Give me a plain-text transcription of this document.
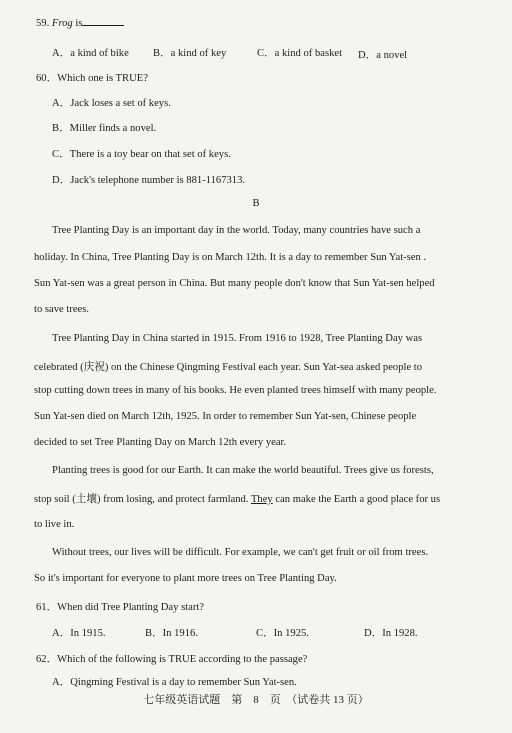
59. Frog is
A．a kind of bike B．a kind of key	C．a kind of basket D．a novel
60．Which one is TRUE?
A．Jack loses a set of keys.
B．Miller finds a novel.
C．There is a toy bear on that set of keys.
D．Jack's telephone number is 881-1167313.
B
Tree Planting Day is an important day in the world. Today, many countries have such a
holiday. In China, Tree Planting Day is on March 12th. It is a day to remember Sun Yat-sen .
Sun Yat-sen was a great person in China. But many people don't know that Sun Yat-sen helped
to save trees.
Tree Planting Day in China started in 1915. From 1916 to 1928, Tree Planting Day was
celebrated (庆祝) on the Chinese Qingming Festival each year. Sun Yat-sea asked people to
stop cutting down trees in many of his books. He even planted trees himself with many people.
Sun Yat-sen died on March 12th, 1925. In order to remember Sun Yat-sen, Chinese people
decided to set Tree Planting Day on March 12th every year.
Planting trees is good for our Earth. It can make the world beautiful. Trees give us forests,
stop soil (土壤) from losing, and protect farmland. They can make the Earth a good place for us
to live in.
Without trees, our lives will be difficult. For example, we can't get fruit or oil from trees.
So it's important for everyone to plant more trees on Tree Planting Day.
61．When did Tree Planting Day start?
A．In 1915.	B．In 1916.	C．In 1925.	D．In 1928.
62．Which of the following is TRUE according to the passage?
A．Qingming Festival is a day to remember Sun Yat-sen.
七年级英语试题　第　8　页　（试卷共 13 页）
